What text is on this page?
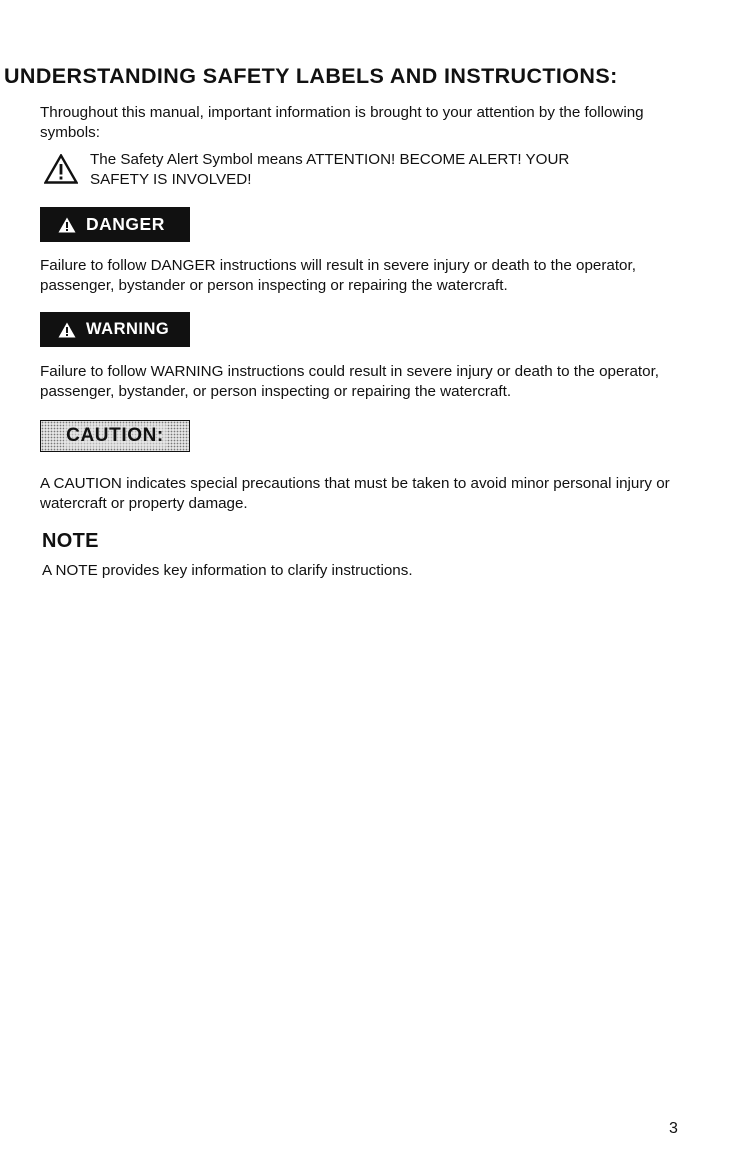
UNDERSTANDING SAFETY LABELS AND INSTRUCTIONS:
Throughout this manual, important information is brought to your attention by the following symbols:
The Safety Alert Symbol means ATTENTION! BECOME ALERT! YOUR
SAFETY IS INVOLVED!
DANGER
Failure to follow DANGER instructions will result in severe injury or death to the operator, passenger, bystander or person inspecting or repairing the watercraft.
WARNING
Failure to follow WARNING instructions could result in severe injury or death to the operator, passenger, bystander, or person inspecting or repairing the watercraft.
CAUTION:
A CAUTION indicates special precautions that must be taken to avoid minor personal injury or watercraft or property damage.
NOTE
A NOTE provides key information to clarify instructions.
3
